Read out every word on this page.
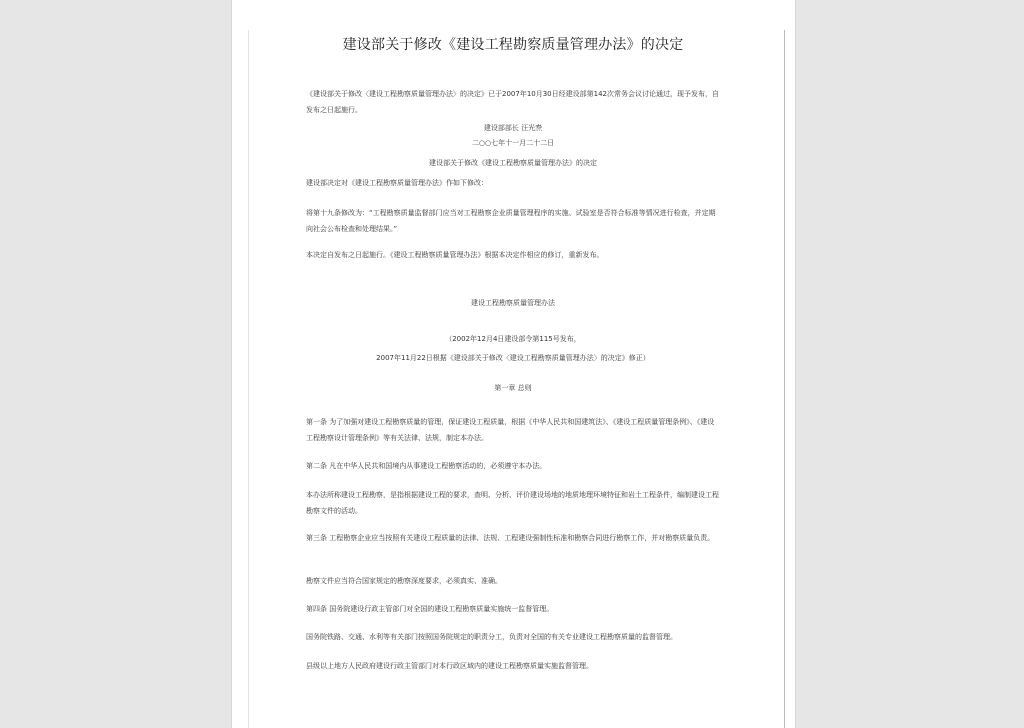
建设部关于修改《建设工程勘察质量管理办法》的决定
《建设部关于修改〈建设工程勘察质量管理办法〉的决定》已于2007年10月30日经建设部第142次常务会议讨论通过，现予发布，自发布之日起施行。
建设部部长 汪光焘
二○○七年十一月二十二日
建设部关于修改《建设工程勘察质量管理办法》的决定
建设部决定对《建设工程勘察质量管理办法》作如下修改：
将第十九条修改为：“工程勘察质量监督部门应当对工程勘察企业质量管理程序的实施、试验室是否符合标准等情况进行检查，并定期向社会公布检查和处理结果。”
本决定自发布之日起施行。《建设工程勘察质量管理办法》根据本决定作相应的修订，重新发布。
建设工程勘察质量管理办法
（2002年12月4日建设部令第115号发布，
2007年11月22日根据《建设部关于修改〈建设工程勘察质量管理办法〉的决定》修正）
第一章 总则
第一条 为了加强对建设工程勘察质量的管理，保证建设工程质量，根据《中华人民共和国建筑法》、《建设工程质量管理条例》、《建设工程勘察设计管理条例》等有关法律、法规，制定本办法。
第二条 凡在中华人民共和国境内从事建设工程勘察活动的，必须遵守本办法。
本办法所称建设工程勘察，是指根据建设工程的要求，查明、分析、评价建设场地的地质地理环境特征和岩土工程条件，编制建设工程勘察文件的活动。
第三条 工程勘察企业应当按照有关建设工程质量的法律、法规、工程建设强制性标准和勘察合同进行勘察工作，并对勘察质量负责。
勘察文件应当符合国家规定的勘察深度要求，必须真实、准确。
第四条 国务院建设行政主管部门对全国的建设工程勘察质量实施统一监督管理。
国务院铁路、交通、水利等有关部门按照国务院规定的职责分工，负责对全国的有关专业建设工程勘察质量的监督管理。
县级以上地方人民政府建设行政主管部门对本行政区域内的建设工程勘察质量实施监督管理。
